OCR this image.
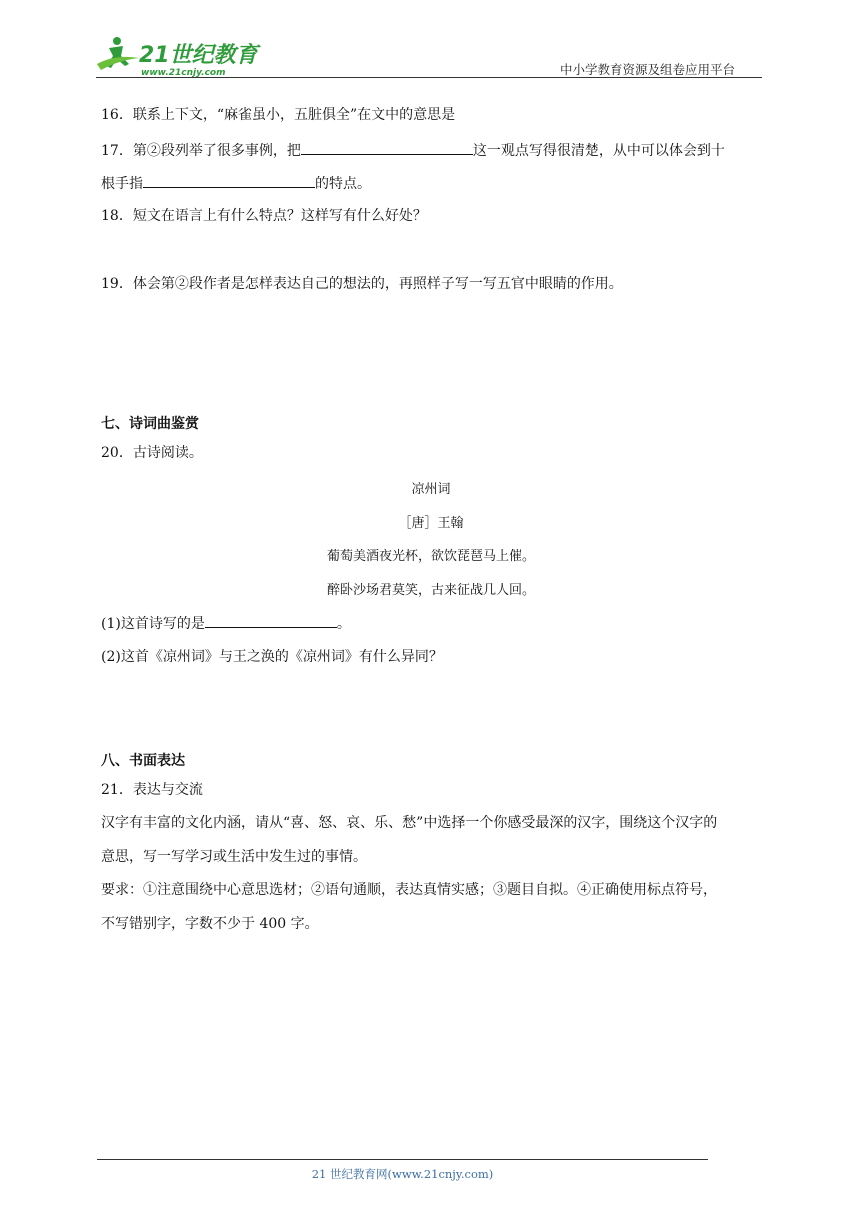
21世纪教育
www.21cnjy.com	中小学教育资源及组卷应用平台
16．联系上下文，“麻雀虽小，五脏俱全”在文中的意思是
17．第②段列举了很多事例，把	这一观点写得很清楚，从中可以体会到十
根手指	的特点。
18．短文在语言上有什么特点？这样写有什么好处？
19．体会第②段作者是怎样表达自己的想法的，再照样子写一写五官中眼睛的作用。
七、诗词曲鉴赏
20．古诗阅读。
凉州词
［唐］王翰
葡萄美酒夜光杯，欲饮琵琶马上催。
醉卧沙场君莫笑，古来征战几人回。
(1)这首诗写的是	。
(2)这首《凉州词》与王之涣的《凉州词》有什么异同？
八、书面表达
21．表达与交流
汉字有丰富的文化内涵，请从“喜、怒、哀、乐、愁”中选择一个你感受最深的汉字，围绕这个汉字的
意思，写一写学习或生活中发生过的事情。
要求：①注意围绕中心意思选材；②语句通顺，表达真情实感；③题目自拟。④正确使用标点符号，
不写错别字，字数不少于 400 字。
21 世纪教育网(www.21cnjy.com)
